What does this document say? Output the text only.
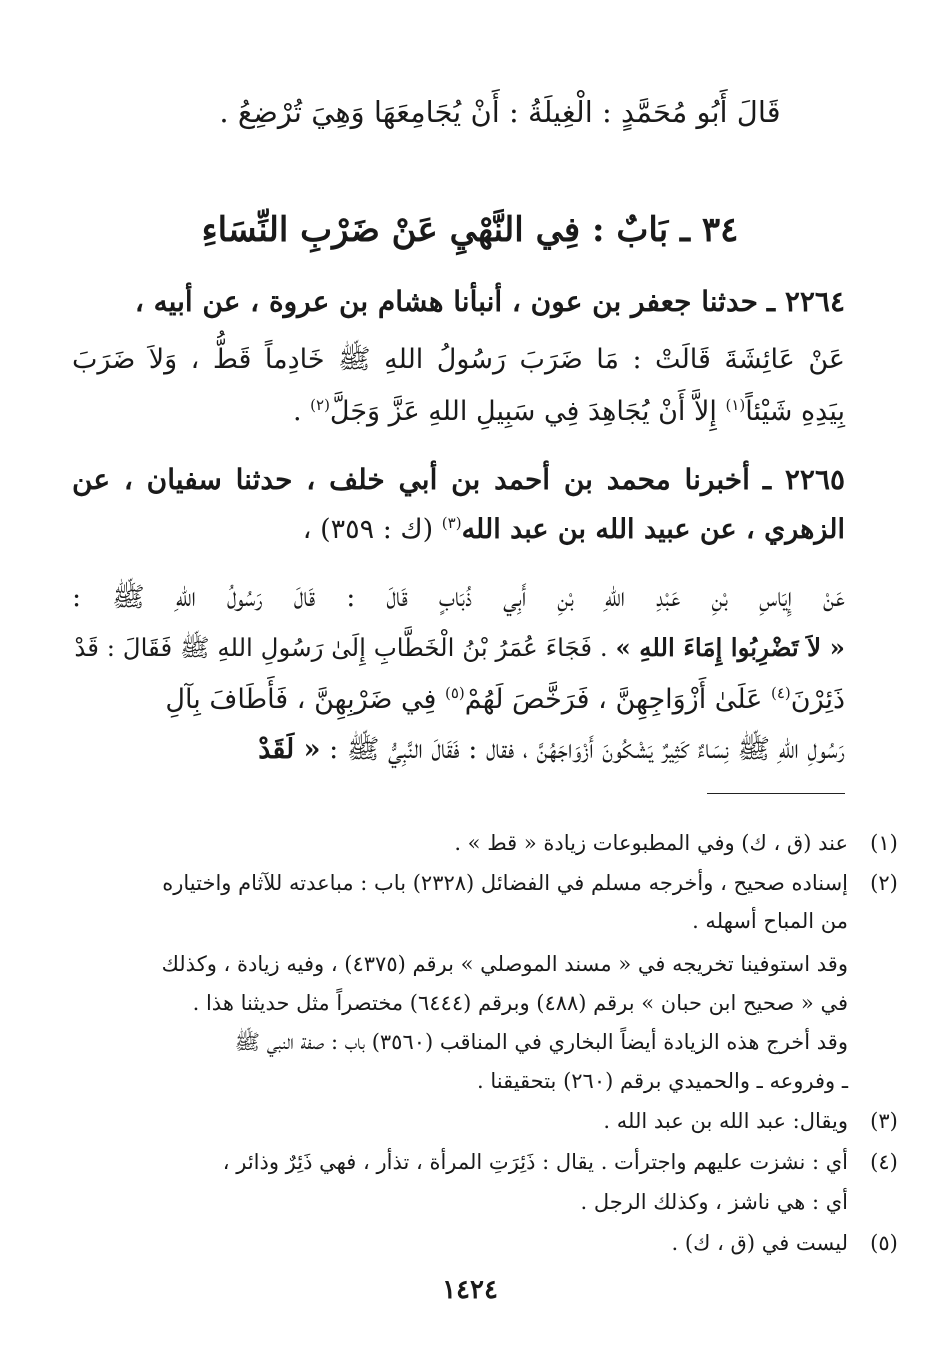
قَالَ أَبُو مُحَمَّدٍ : الْغِيلَةُ : أَنْ يُجَامِعَهَا وَهِيَ تُرْضِعُ .
٣٤ ـ بَابٌ : فِي النَّهْيِ عَنْ ضَرْبِ النِّسَاءِ
٢٢٦٤ ـ حدثنا جعفر بن عون ، أنبأنا هشام بن عروة ، عن أبيه ،
عَنْ عَائِشَةَ قَالَتْ : مَا ضَرَبَ رَسُولُ اللهِ ﷺ خَادِماً قَطُّ ، وَلاَ ضَرَبَ
بِيَدِهِ شَيْئاً$^{(١)}$ إِلاَّ أَنْ يُجَاهِدَ فِي سَبِيلِ اللهِ عَزَّ وَجَلَّ$^{(٢)}$ .
٢٢٦٥ ـ أخبرنا محمد بن أحمد بن أبي خلف ، حدثنا سفيان ، عن
الزهري ، عن عبيد الله بن عبد الله$^{(٣)}$ (ك : ٣٥٩) ،
عَنْ إِيَاسِ بْنِ عَبْدِ اللهِ بْنِ أَبِي ذُبَابٍ قَالَ : قَالَ رَسُولُ اللهِ ﷺ :
« لاَ تَضْرِبُوا إِمَاءَ اللهِ » . فَجَاءَ عُمَرُ بْنُ الْخَطَّابِ إِلَىٰ رَسُولِ اللهِ ﷺ فَقَالَ : قَدْ
ذَئِرْنَ$^{(٤)}$ عَلَىٰ أَزْوَاجِهِنَّ ، فَرَخَّصَ لَهُمْ$^{(٥)}$ فِي ضَرْبِهِنَّ ، فَأَطَافَ بِآلِ
رَسُولِ اللهِ ﷺ نِسَاءٌ كَثِيرٌ يَشْكُونَ أَزْوَاجَهُنَّ ، فقال : فَقَالَ النَّبِيُّ ﷺ : « لَقَدْ
(١)
عند (ق ، ك) وفي المطبوعات زيادة « قط » .
(٢)
إسناده صحيح ، وأخرجه مسلم في الفضائل (٢٣٢٨) باب : مباعدته للآثام واختياره
من المباح أسهله .
وقد استوفينا تخريجه في « مسند الموصلي » برقم (٤٣٧٥) ، وفيه زيادة ، وكذلك
في « صحيح ابن حبان » برقم (٤٨٨) وبرقم (٦٤٤٤) مختصراً مثل حديثنا هذا .
وقد أخرج هذه الزيادة أيضاً البخاري في المناقب (٣٥٦٠) باب : صفة النبي ﷺ
ـ وفروعه ـ والحميدي برقم (٢٦٠) بتحقيقنا .
(٣)
ويقال: عبد الله بن عبد الله .
(٤)
أي : نشزت عليهم واجترأت . يقال : ذَئِرَتِ المرأة ، تذأر ، فهي ذَئِرٌ وذائر ،
أي : هي ناشز ، وكذلك الرجل .
(٥)
ليست في (ق ، ك) .
١٤٢٤
